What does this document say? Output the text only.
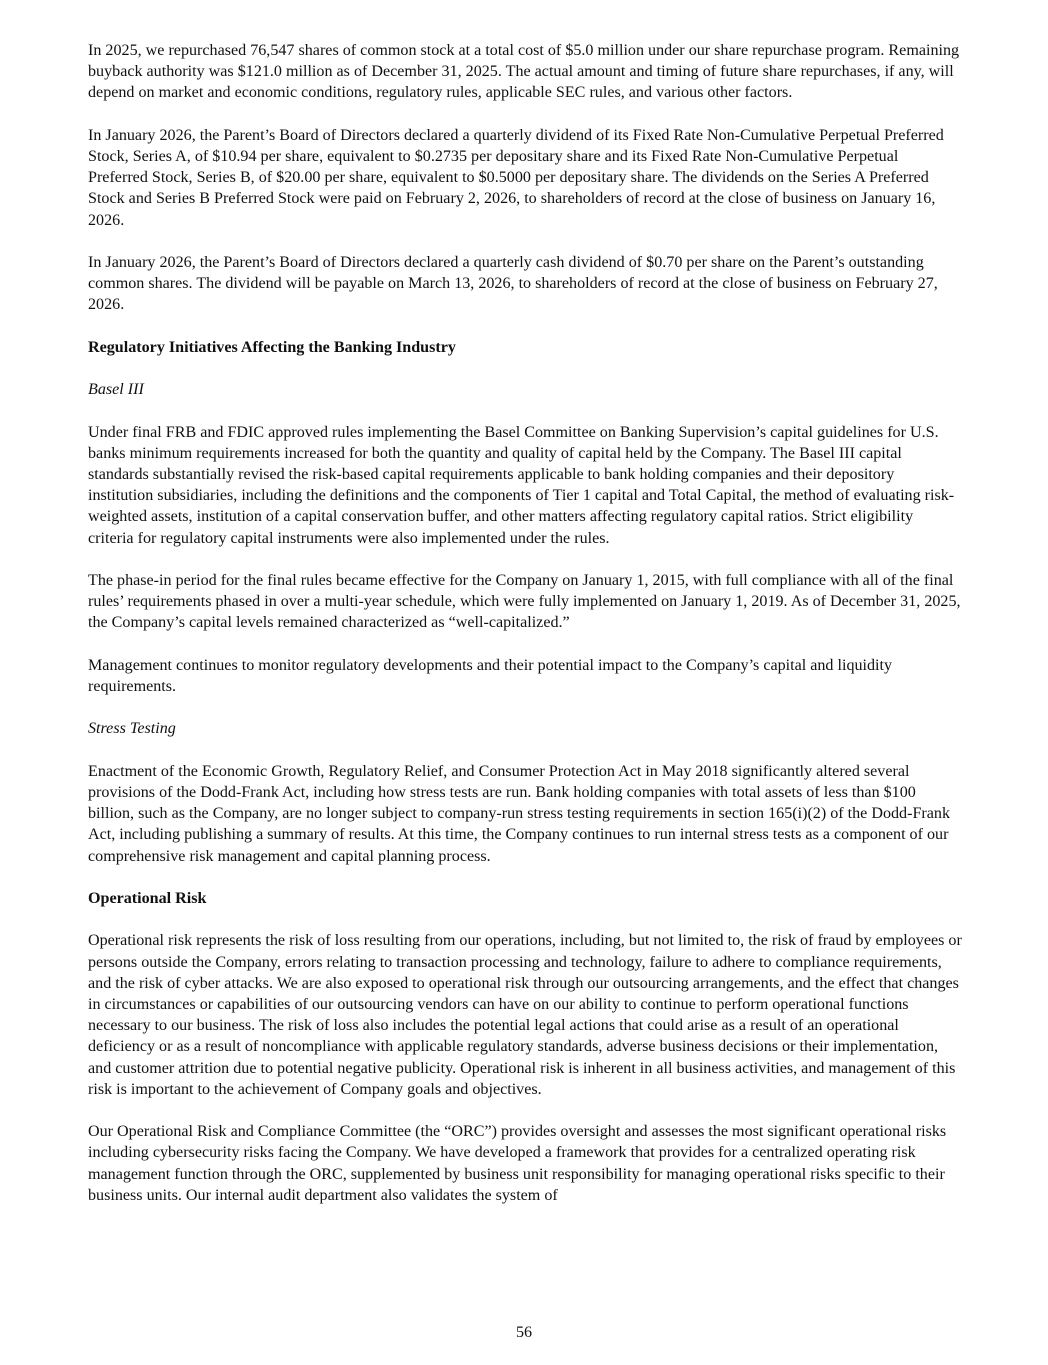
In 2025, we repurchased 76,547 shares of common stock at a total cost of $5.0 million under our share repurchase program. Remaining buyback authority was $121.0 million as of December 31, 2025. The actual amount and timing of future share repurchases, if any, will depend on market and economic conditions, regulatory rules, applicable SEC rules, and various other factors.

In January 2026, the Parent’s Board of Directors declared a quarterly dividend of its Fixed Rate Non-Cumulative Perpetual Preferred Stock, Series A, of $10.94 per share, equivalent to $0.2735 per depositary share and its Fixed Rate Non-Cumulative Perpetual Preferred Stock, Series B, of $20.00 per share, equivalent to $0.5000 per depositary share. The dividends on the Series A Preferred Stock and Series B Preferred Stock were paid on February 2, 2026, to shareholders of record at the close of business on January 16, 2026.

In January 2026, the Parent’s Board of Directors declared a quarterly cash dividend of $0.70 per share on the Parent’s outstanding common shares. The dividend will be payable on March 13, 2026, to shareholders of record at the close of business on February 27, 2026.

Regulatory Initiatives Affecting the Banking Industry

Basel III

Under final FRB and FDIC approved rules implementing the Basel Committee on Banking Supervision’s capital guidelines for U.S. banks minimum requirements increased for both the quantity and quality of capital held by the Company. The Basel III capital standards substantially revised the risk-based capital requirements applicable to bank holding companies and their depository institution subsidiaries, including the definitions and the components of Tier 1 capital and Total Capital, the method of evaluating risk-weighted assets, institution of a capital conservation buffer, and other matters affecting regulatory capital ratios. Strict eligibility criteria for regulatory capital instruments were also implemented under the rules.

The phase-in period for the final rules became effective for the Company on January 1, 2015, with full compliance with all of the final rules’ requirements phased in over a multi-year schedule, which were fully implemented on January 1, 2019. As of December 31, 2025, the Company’s capital levels remained characterized as “well-capitalized.”

Management continues to monitor regulatory developments and their potential impact to the Company’s capital and liquidity requirements.

Stress Testing

Enactment of the Economic Growth, Regulatory Relief, and Consumer Protection Act in May 2018 significantly altered several provisions of the Dodd-Frank Act, including how stress tests are run. Bank holding companies with total assets of less than $100 billion, such as the Company, are no longer subject to company-run stress testing requirements in section 165(i)(2) of the Dodd-Frank Act, including publishing a summary of results. At this time, the Company continues to run internal stress tests as a component of our comprehensive risk management and capital planning process.

Operational Risk

Operational risk represents the risk of loss resulting from our operations, including, but not limited to, the risk of fraud by employees or persons outside the Company, errors relating to transaction processing and technology, failure to adhere to compliance requirements, and the risk of cyber attacks. We are also exposed to operational risk through our outsourcing arrangements, and the effect that changes in circumstances or capabilities of our outsourcing vendors can have on our ability to continue to perform operational functions necessary to our business. The risk of loss also includes the potential legal actions that could arise as a result of an operational deficiency or as a result of noncompliance with applicable regulatory standards, adverse business decisions or their implementation, and customer attrition due to potential negative publicity. Operational risk is inherent in all business activities, and management of this risk is important to the achievement of Company goals and objectives.

Our Operational Risk and Compliance Committee (the “ORC”) provides oversight and assesses the most significant operational risks including cybersecurity risks facing the Company. We have developed a framework that provides for a centralized operating risk management function through the ORC, supplemented by business unit responsibility for managing operational risks specific to their business units. Our internal audit department also validates the system of

56
